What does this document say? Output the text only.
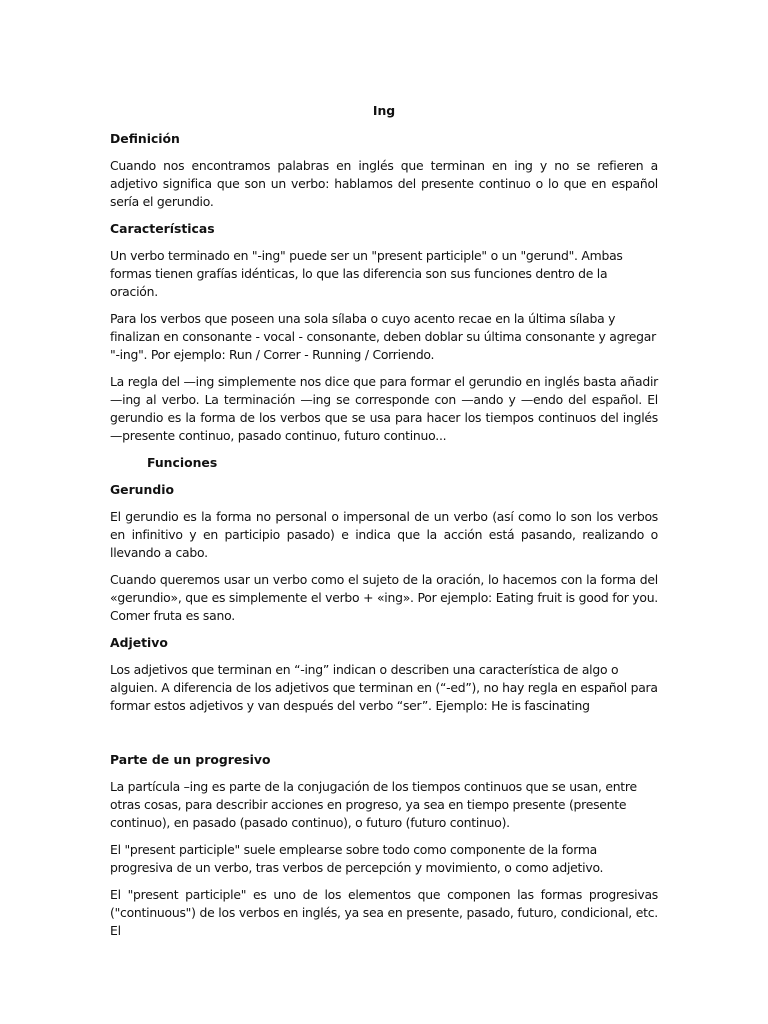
Ing
Definición

Cuando nos encontramos palabras en inglés que terminan en ing y no se refieren a adjetivo significa que son un verbo: hablamos del presente continuo o lo que en español sería el gerundio.

Características

Un verbo terminado en "-ing" puede ser un "present participle" o un "gerund". Ambas formas tienen grafías idénticas, lo que las diferencia son sus funciones dentro de la oración.

Para los verbos que poseen una sola sílaba o cuyo acento recae en la última sílaba y finalizan en consonante - vocal - consonante, deben doblar su última consonante y agregar "-ing". Por ejemplo: Run / Correr - Running / Corriendo.

La regla del —ing simplemente nos dice que para formar el gerundio en inglés basta añadir —ing al verbo. La terminación —ing se corresponde con —ando y —endo del español. El gerundio es la forma de los verbos que se usa para hacer los tiempos continuos del inglés —presente continuo, pasado continuo, futuro continuo...

Funciones
Gerundio

El gerundio es la forma no personal o impersonal de un verbo (así como lo son los verbos en infinitivo y en participio pasado) e indica que la acción está pasando, realizando o llevando a cabo.

Cuando queremos usar un verbo como el sujeto de la oración, lo hacemos con la forma del «gerundio», que es simplemente el verbo + «ing». Por ejemplo: Eating fruit is good for you. Comer fruta es sano.

Adjetivo

Los adjetivos que terminan en “-ing” indican o describen una característica de algo o alguien. A diferencia de los adjetivos que terminan en (“-ed”), no hay regla en español para formar estos adjetivos y van después del verbo “ser”. Ejemplo: He is fascinating

Parte de un progresivo

La partícula –ing es parte de la conjugación de los tiempos continuos que se usan, entre otras cosas, para describir acciones en progreso, ya sea en tiempo presente (presente continuo), en pasado (pasado continuo), o futuro (futuro continuo).

El "present participle" suele emplearse sobre todo como componente de la forma progresiva de un verbo, tras verbos de percepción y movimiento, o como adjetivo.

El "present participle" es uno de los elementos que componen las formas progresivas ("continuous") de los verbos en inglés, ya sea en presente, pasado, futuro, condicional, etc. El
